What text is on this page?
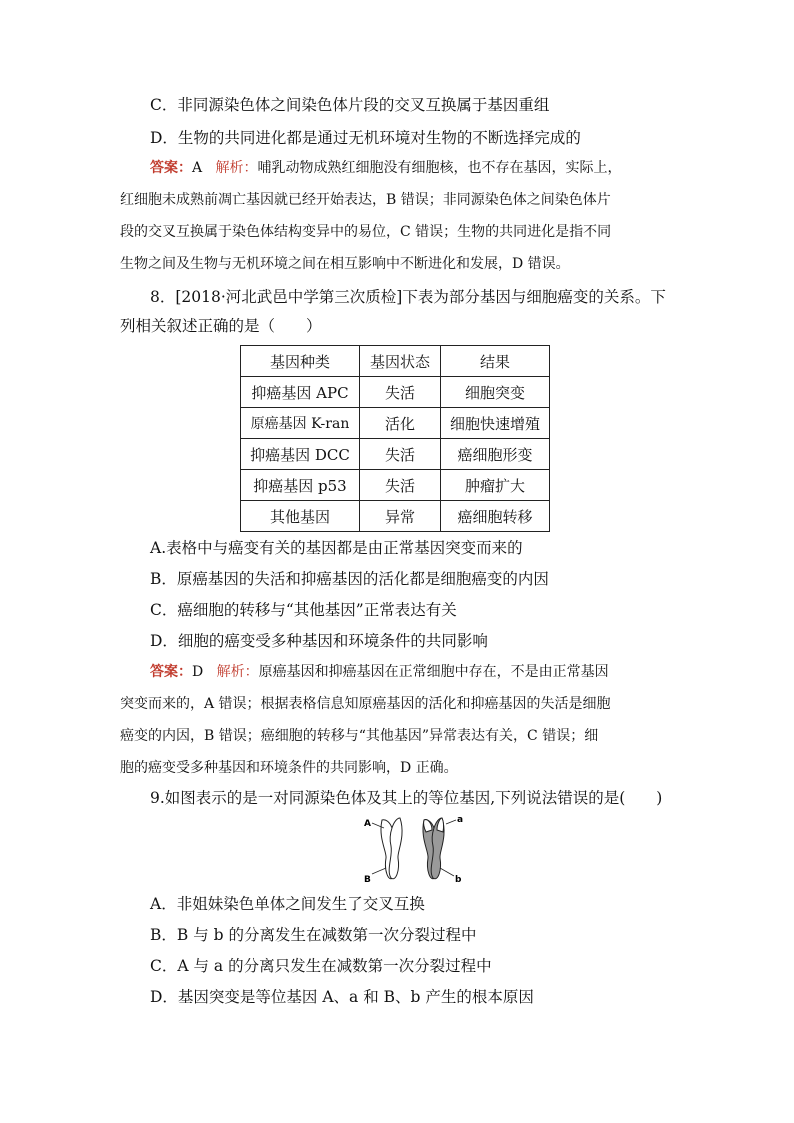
C．非同源染色体之间染色体片段的交叉互换属于基因重组
D．生物的共同进化都是通过无机环境对生物的不断选择完成的
答案：A 解析：哺乳动物成熟红细胞没有细胞核，也不存在基因，实际上，
红细胞未成熟前凋亡基因就已经开始表达，B 错误；非同源染色体之间染色体片
段的交叉互换属于染色体结构变异中的易位，C 错误；生物的共同进化是指不同
生物之间及生物与无机环境之间在相互影响中不断进化和发展，D 错误。
8．[2018·河北武邑中学第三次质检]下表为部分基因与细胞癌变的关系。下
列相关叙述正确的是（　　）
基因种类	基因状态	结果
抑癌基因 APC	失活	细胞突变
原癌基因 K-ran	活化	细胞快速增殖
抑癌基因 DCC	失活	癌细胞形变
抑癌基因 p53	失活	肿瘤扩大
其他基因	异常	癌细胞转移
A.表格中与癌变有关的基因都是由正常基因突变而来的
B．原癌基因的失活和抑癌基因的活化都是细胞癌变的内因
C．癌细胞的转移与“其他基因”正常表达有关
D．细胞的癌变受多种基因和环境条件的共同影响
答案：D 解析：原癌基因和抑癌基因在正常细胞中存在，不是由正常基因
突变而来的，A 错误；根据表格信息知原癌基因的活化和抑癌基因的失活是细胞
癌变的内因，B 错误；癌细胞的转移与“其他基因”异常表达有关，C 错误；细
胞的癌变受多种基因和环境条件的共同影响，D 正确。
9.如图表示的是一对同源染色体及其上的等位基因,下列说法错误的是(　　)
A
B
a
b
A．非姐妹染色单体之间发生了交叉互换
B．B 与 b 的分离发生在减数第一次分裂过程中
C．A 与 a 的分离只发生在减数第一次分裂过程中
D．基因突变是等位基因 A、a 和 B、b 产生的根本原因
